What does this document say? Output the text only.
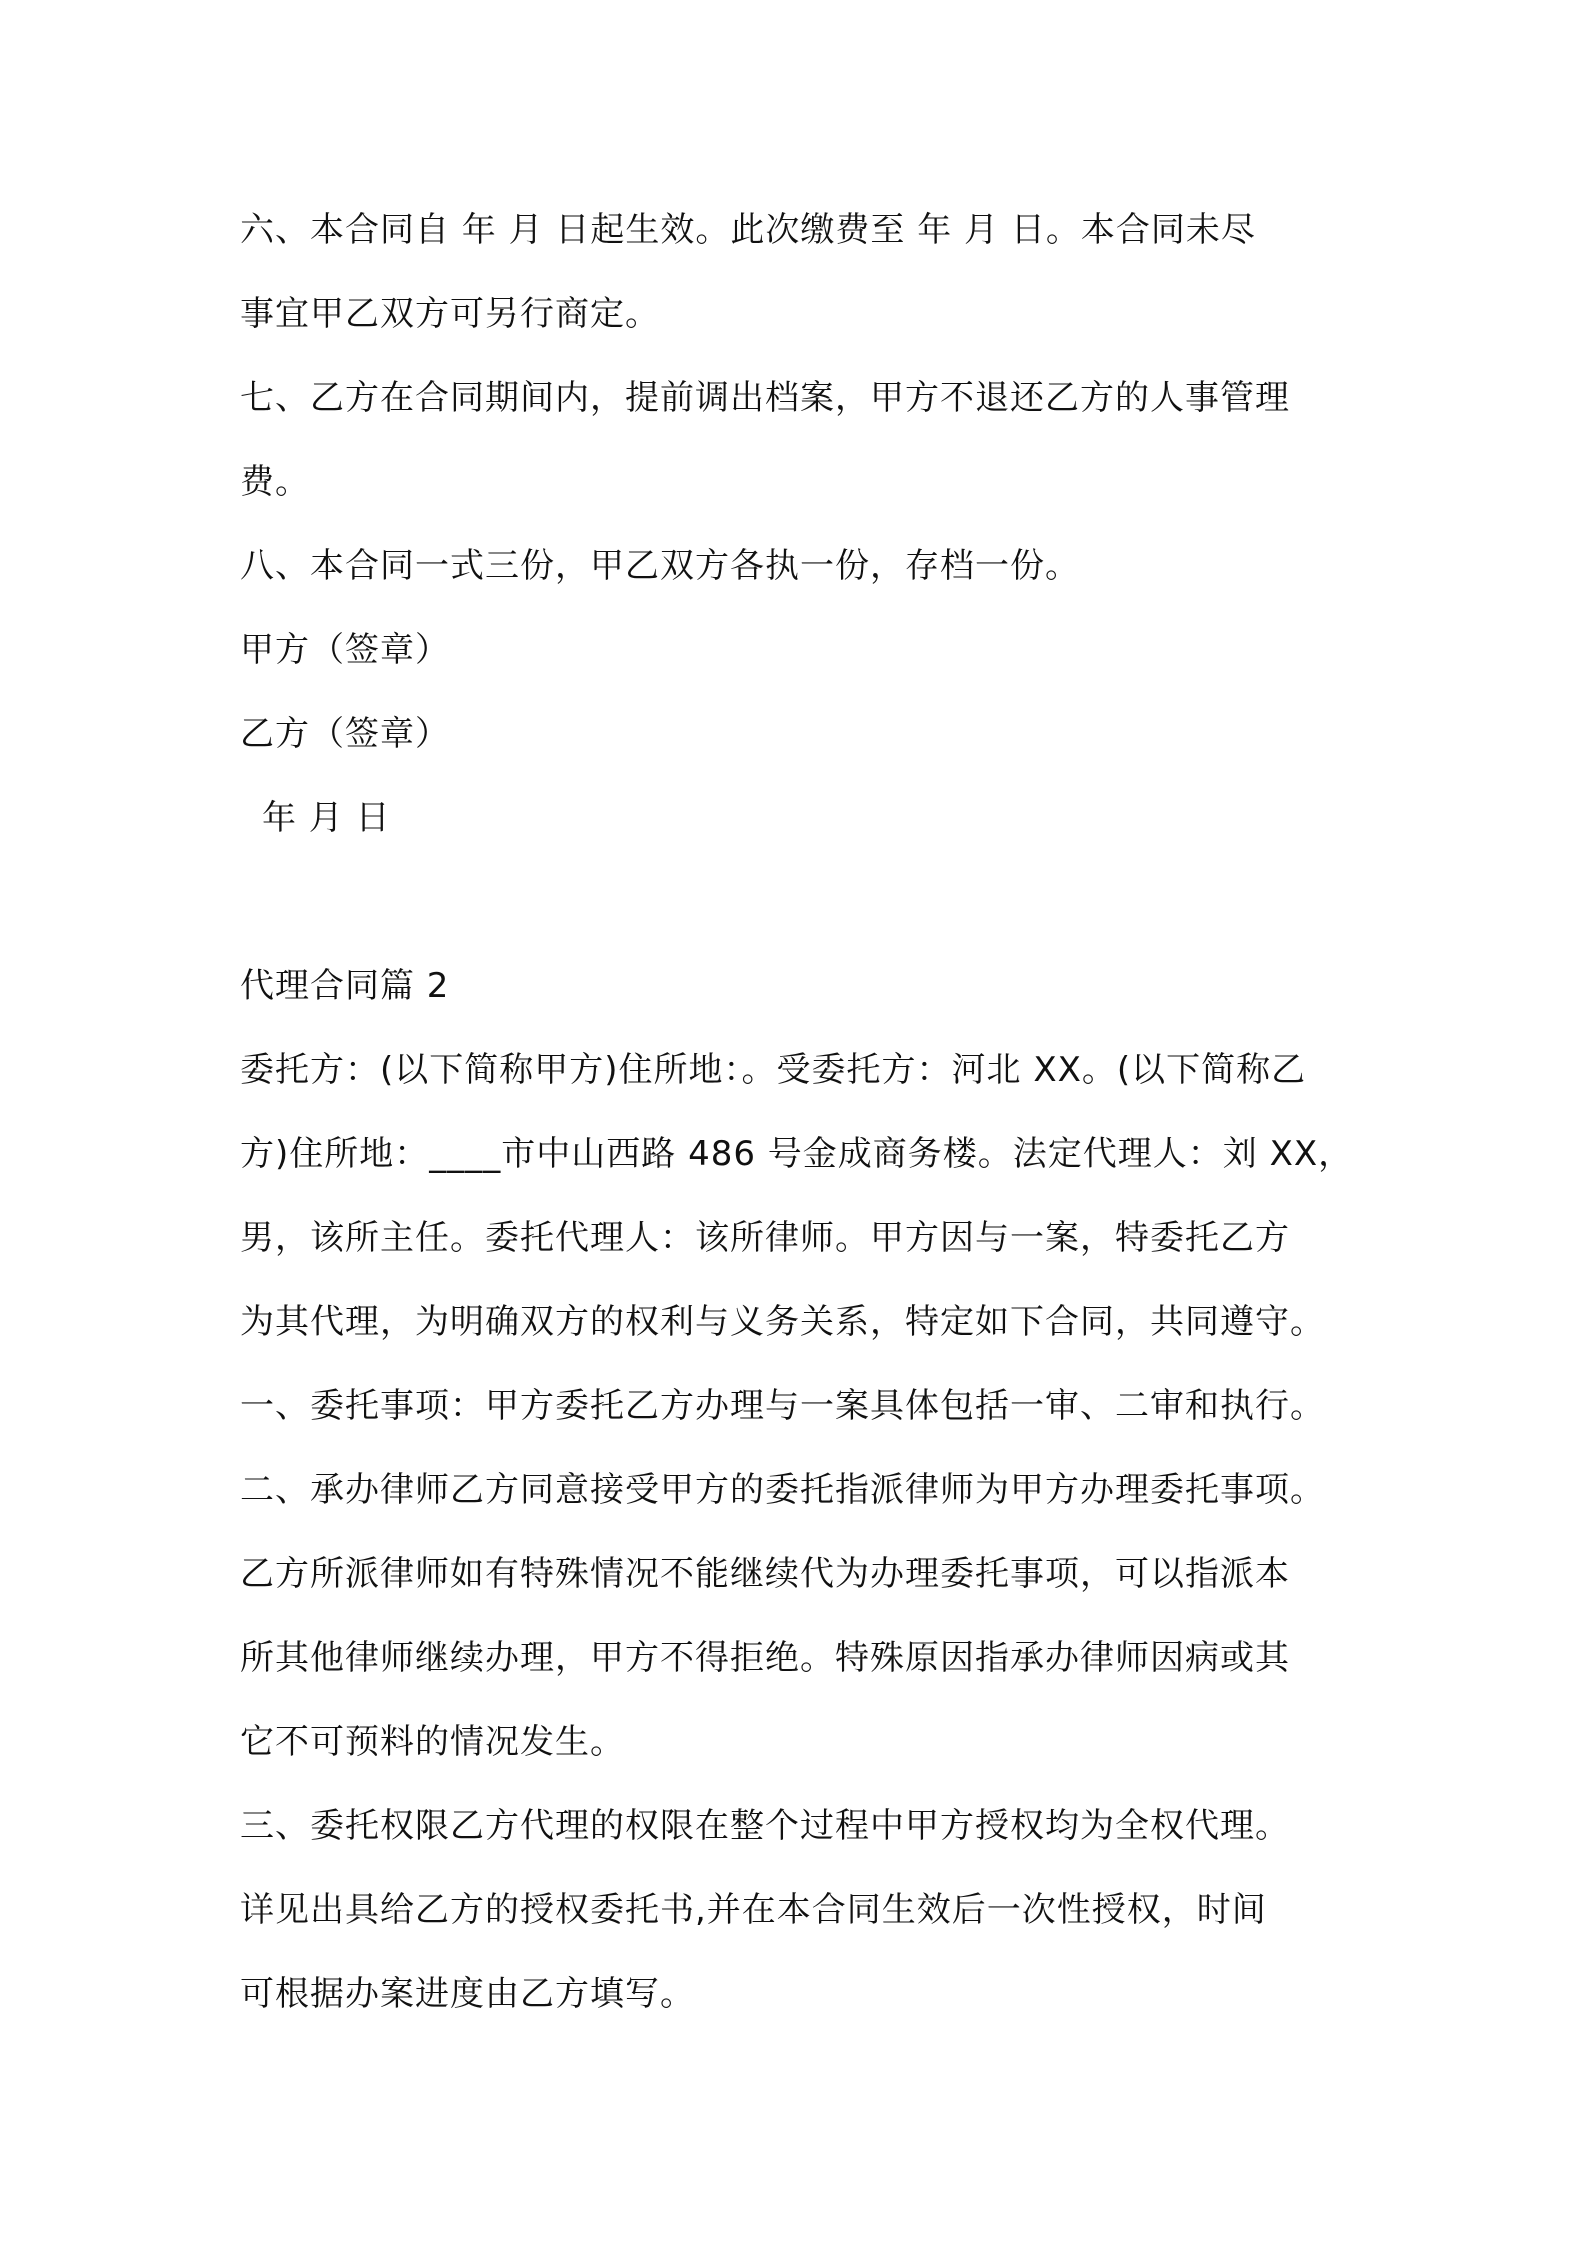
六、本合同自 年 月 日起生效。此次缴费至 年 月 日。本合同未尽
事宜甲乙双方可另行商定。
七、乙方在合同期间内，提前调出档案，甲方不退还乙方的人事管理
费。
八、本合同一式三份，甲乙双方各执一份，存档一份。
甲方（签章）
乙方（签章）
年 月 日
代理合同篇 2
委托方：(以下简称甲方)住所地：。受委托方：河北 XX。(以下简称乙
方)住所地：____市中山西路 486 号金成商务楼。法定代理人：刘 XX，
男，该所主任。委托代理人：该所律师。甲方因与一案，特委托乙方
为其代理，为明确双方的权利与义务关系，特定如下合同，共同遵守。
一、委托事项：甲方委托乙方办理与一案具体包括一审、二审和执行。
二、承办律师乙方同意接受甲方的委托指派律师为甲方办理委托事项。
乙方所派律师如有特殊情况不能继续代为办理委托事项，可以指派本
所其他律师继续办理，甲方不得拒绝。特殊原因指承办律师因病或其
它不可预料的情况发生。
三、委托权限乙方代理的权限在整个过程中甲方授权均为全权代理。
详见出具给乙方的授权委托书,并在本合同生效后一次性授权，时间
可根据办案进度由乙方填写。
